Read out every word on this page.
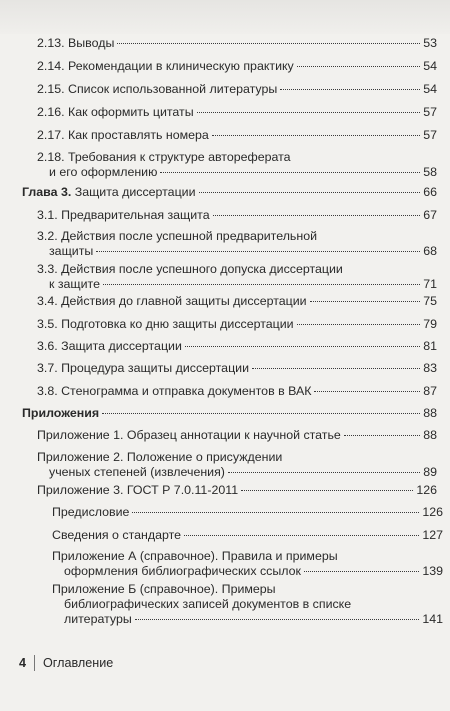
2.13. Выводы	53
2.14. Рекомендации в клиническую практику	54
2.15. Список использованной литературы	54
2.16. Как оформить цитаты	57
2.17. Как проставлять номера	57
2.18. Требования к структуре автореферата
и его оформлению	58
Глава 3. Защита диссертации	66
3.1. Предварительная защита	67
3.2. Действия после успешной предварительной
защиты	68
3.3. Действия после успешного допуска диссертации
к защите	71
3.4. Действия до главной защиты диссертации	75
3.5. Подготовка ко дню защиты диссертации	79
3.6. Защита диссертации	81
3.7. Процедура защиты диссертации	83
3.8. Стенограмма и отправка документов в ВАК	87
Приложения	88
Приложение 1. Образец аннотации к научной статье	88
Приложение 2. Положение о присуждении
ученых степеней (извлечения)	89
Приложение 3. ГОСТ Р 7.0.11-2011	126
Предисловие	126
Сведения о стандарте	127
Приложение А (справочное). Правила и примеры
оформления библиографических ссылок	139
Приложение Б (справочное). Примеры
библиографических записей документов в списке
литературы	141
4 Оглавление
